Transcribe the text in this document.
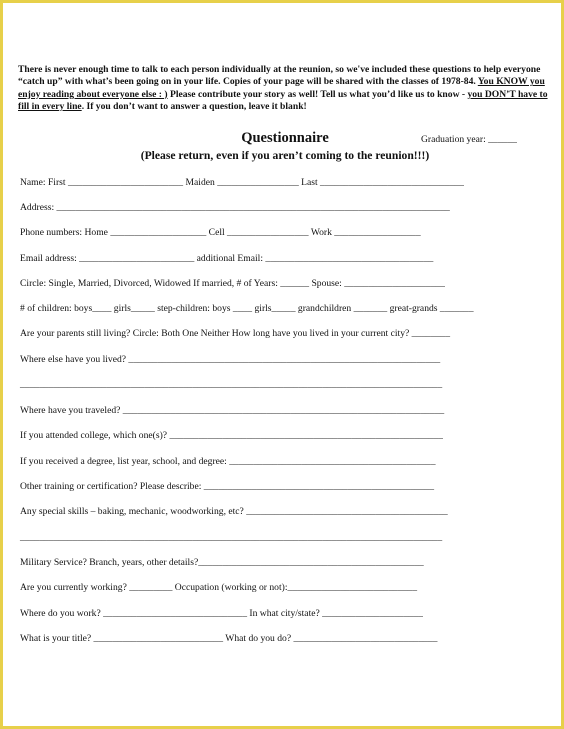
There is never enough time to talk to each person individually at the reunion, so we've included these questions to help everyone “catch up” with what’s been going on in your life. Copies of your page will be shared with the classes of 1978-84. You KNOW you enjoy reading about everyone else : ) Please contribute your story as well! Tell us what you’d like us to know - you DON’T have to fill in every line. If you don’t want to answer a question, leave it blank!
Questionnaire	Graduation year: ______
(Please return, even if you aren’t coming to the reunion!!!)
Name: First ________________________ Maiden _________________ Last ______________________________
Address: __________________________________________________________________________________
Phone numbers: Home ____________________ Cell _________________ Work __________________
Email address: ________________________ additional Email: ___________________________________
Circle: Single, Married, Divorced, Widowed If married, # of Years: ______ Spouse: _____________________
# of children: boys____ girls_____ step-children: boys ____ girls_____ grandchildren _______ great-grands _______
Are your parents still living? Circle: Both One Neither How long have you lived in your current city? ________
Where else have you lived? _________________________________________________________________
________________________________________________________________________________________
Where have you traveled? ___________________________________________________________________
If you attended college, which one(s)? _________________________________________________________
If you received a degree, list year, school, and degree: ___________________________________________
Other training or certification? Please describe: ________________________________________________
Any special skills – baking, mechanic, woodworking, etc? __________________________________________
________________________________________________________________________________________
Military Service? Branch, years, other details?_______________________________________________
Are you currently working? _________ Occupation (working or not):___________________________
Where do you work? ______________________________ In what city/state? _____________________
What is your title? ___________________________ What do you do? ______________________________
